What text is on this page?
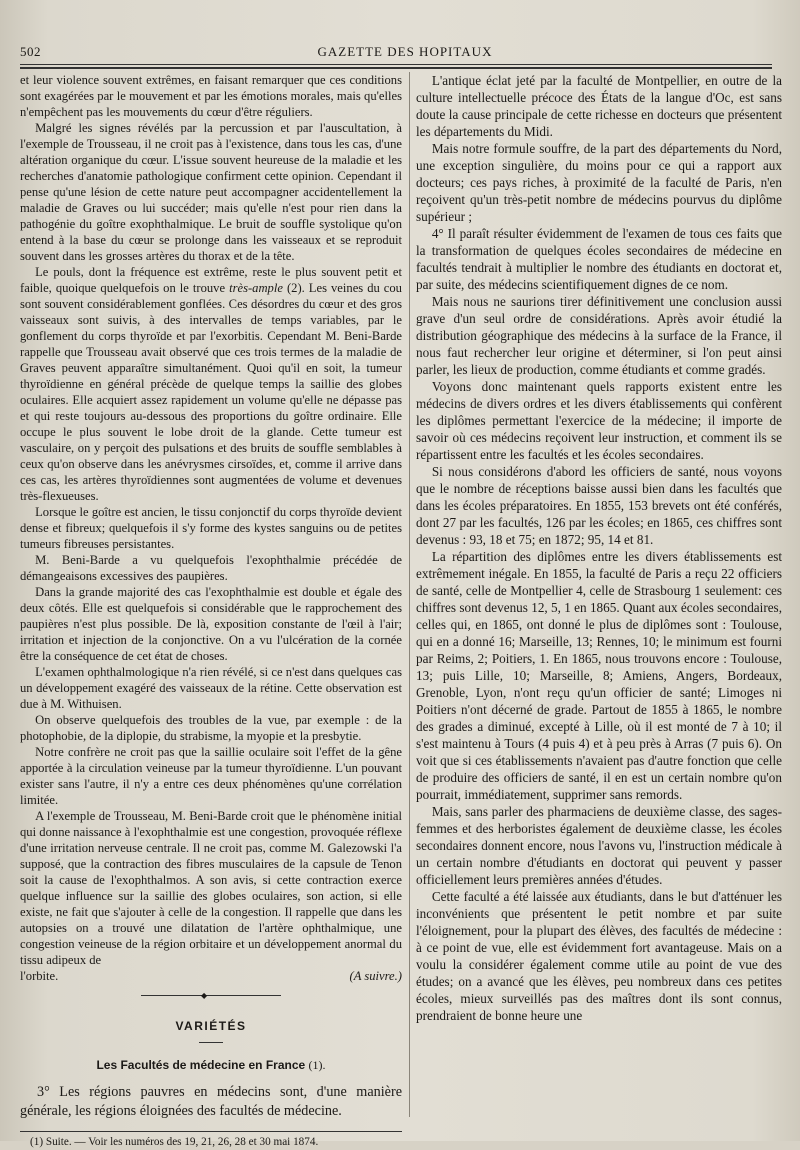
502	GAZETTE DES HOPITAUX

et leur violence souvent extrêmes, en faisant remarquer que ces conditions sont exagérées par le mouvement et par les émotions morales, mais qu'elles n'empêchent pas les mouvements du cœur d'être réguliers.

Malgré les signes révélés par la percussion et par l'auscultation, à l'exemple de Trousseau, il ne croit pas à l'existence, dans tous les cas, d'une altération organique du cœur. L'issue souvent heureuse de la maladie et les recherches d'anatomie pathologique confirment cette opinion. Cependant il pense qu'une lésion de cette nature peut accompagner accidentellement la maladie de Graves ou lui succéder; mais qu'elle n'est pour rien dans la pathogénie du goître exophthalmique. Le bruit de souffle systolique qu'on entend à la base du cœur se prolonge dans les vaisseaux et se reproduit souvent dans les grosses artères du thorax et de la tête.

Le pouls, dont la fréquence est extrême, reste le plus souvent petit et faible, quoique quelquefois on le trouve très-ample (2). Les veines du cou sont souvent considérablement gonflées. Ces désordres du cœur et des gros vaisseaux sont suivis, à des intervalles de temps variables, par le gonflement du corps thyroïde et par l'exorbitis. Cependant M. Beni-Barde rappelle que Trousseau avait observé que ces trois termes de la maladie de Graves peuvent apparaître simultanément. Quoi qu'il en soit, la tumeur thyroïdienne en général précède de quelque temps la saillie des globes oculaires. Elle acquiert assez rapidement un volume qu'elle ne dépasse pas et qui reste toujours au-dessous des proportions du goître ordinaire. Elle occupe le plus souvent le lobe droit de la glande. Cette tumeur est vasculaire, on y perçoit des pulsations et des bruits de souffle semblables à ceux qu'on observe dans les anévrysmes cirsoïdes, et, comme il arrive dans ces cas, les artères thyroïdiennes sont augmentées de volume et devenues très-flexueuses.

Lorsque le goître est ancien, le tissu conjonctif du corps thyroïde devient dense et fibreux; quelquefois il s'y forme des kystes sanguins ou de petites tumeurs fibreuses persistantes.

M. Beni-Barde a vu quelquefois l'exophthalmie précédée de démangeaisons excessives des paupières.

Dans la grande majorité des cas l'exophthalmie est double et égale des deux côtés. Elle est quelquefois si considérable que le rapprochement des paupières n'est plus possible. De là, exposition constante de l'œil à l'air; irritation et injection de la conjonctive. On a vu l'ulcération de la cornée être la conséquence de cet état de choses.

L'examen ophthalmologique n'a rien révélé, si ce n'est dans quelques cas un développement exagéré des vaisseaux de la rétine. Cette observation est due à M. Withuisen.

On observe quelquefois des troubles de la vue, par exemple : de la photophobie, de la diplopie, du strabisme, la myopie et la presbytie.

Notre confrère ne croit pas que la saillie oculaire soit l'effet de la gêne apportée à la circulation veineuse par la tumeur thyroïdienne. L'un pouvant exister sans l'autre, il n'y a entre ces deux phénomènes qu'une corrélation limitée.

A l'exemple de Trousseau, M. Beni-Barde croit que le phénomène initial qui donne naissance à l'exophthalmie est une congestion, provoquée réflexe d'une irritation nerveuse centrale. Il ne croit pas, comme M. Galezowski l'a supposé, que la contraction des fibres musculaires de la capsule de Tenon soit la cause de l'exophthalmos. A son avis, si cette contraction exerce quelque influence sur la saillie des globes oculaires, son action, si elle existe, ne fait que s'ajouter à celle de la congestion. Il rappelle que dans les autopsies on a trouvé une dilatation de l'artère ophthalmique, une congestion veineuse de la région orbitaire et un développement anormal du tissu adipeux de

l'orbite.	(A suivre.)
◆
VARIÉTÉS
Les Facultés de médecine en France (1).

3° Les régions pauvres en médecins sont, d'une manière générale, les régions éloignées des facultés de médecine.

(1) Suite. — Voir les numéros des 19, 21, 26, 28 et 30 mai 1874.

L'antique éclat jeté par la faculté de Montpellier, en outre de la culture intellectuelle précoce des États de la langue d'Oc, est sans doute la cause principale de cette richesse en docteurs que présentent les départements du Midi.

Mais notre formule souffre, de la part des départements du Nord, une exception singulière, du moins pour ce qui a rapport aux docteurs; ces pays riches, à proximité de la faculté de Paris, n'en reçoivent qu'un très-petit nombre de médecins pourvus du diplôme supérieur ;

4° Il paraît résulter évidemment de l'examen de tous ces faits que la transformation de quelques écoles secondaires de médecine en facultés tendrait à multiplier le nombre des étudiants en doctorat et, par suite, des médecins scientifiquement dignes de ce nom.

Mais nous ne saurions tirer définitivement une conclusion aussi grave d'un seul ordre de considérations. Après avoir étudié la distribution géographique des médecins à la surface de la France, il nous faut rechercher leur origine et déterminer, si l'on peut ainsi parler, les lieux de production, comme étudiants et comme gradés.

Voyons donc maintenant quels rapports existent entre les médecins de divers ordres et les divers établissements qui confèrent les diplômes permettant l'exercice de la médecine; il importe de savoir où ces médecins reçoivent leur instruction, et comment ils se répartissent entre les facultés et les écoles secondaires.

Si nous considérons d'abord les officiers de santé, nous voyons que le nombre de réceptions baisse aussi bien dans les facultés que dans les écoles préparatoires. En 1855, 153 brevets ont été conférés, dont 27 par les facultés, 126 par les écoles; en 1865, ces chiffres sont devenus : 93, 18 et 75; en 1872; 95, 14 et 81.

La répartition des diplômes entre les divers établissements est extrêmement inégale. En 1855, la faculté de Paris a reçu 22 officiers de santé, celle de Montpellier 4, celle de Strasbourg 1 seulement: ces chiffres sont devenus 12, 5, 1 en 1865. Quant aux écoles secondaires, celles qui, en 1865, ont donné le plus de diplômes sont : Toulouse, qui en a donné 16; Marseille, 13; Rennes, 10; le minimum est fourni par Reims, 2; Poitiers, 1. En 1865, nous trouvons encore : Toulouse, 13; puis Lille, 10; Marseille, 8; Amiens, Angers, Bordeaux, Grenoble, Lyon, n'ont reçu qu'un officier de santé; Limoges ni Poitiers n'ont décerné de grade. Partout de 1855 à 1865, le nombre des grades a diminué, excepté à Lille, où il est monté de 7 à 10; il s'est maintenu à Tours (4 puis 4) et à peu près à Arras (7 puis 6). On voit que si ces établissements n'avaient pas d'autre fonction que celle de produire des officiers de santé, il en est un certain nombre qu'on pourrait, immédiatement, supprimer sans remords.

Mais, sans parler des pharmaciens de deuxième classe, des sages-femmes et des herboristes également de deuxième classe, les écoles secondaires donnent encore, nous l'avons vu, l'instruction médicale à un certain nombre d'étudiants en doctorat qui peuvent y passer officiellement leurs premières années d'études.

Cette faculté a été laissée aux étudiants, dans le but d'atténuer les inconvénients que présentent le petit nombre et par suite l'éloignement, pour la plupart des élèves, des facultés de médecine : à ce point de vue, elle est évidemment fort avantageuse. Mais on a voulu la considérer également comme utile au point de vue des études; on a avancé que les élèves, peu nombreux dans ces petites écoles, mieux surveillés pas des maîtres dont ils sont connus, prendraient de bonne heure une
